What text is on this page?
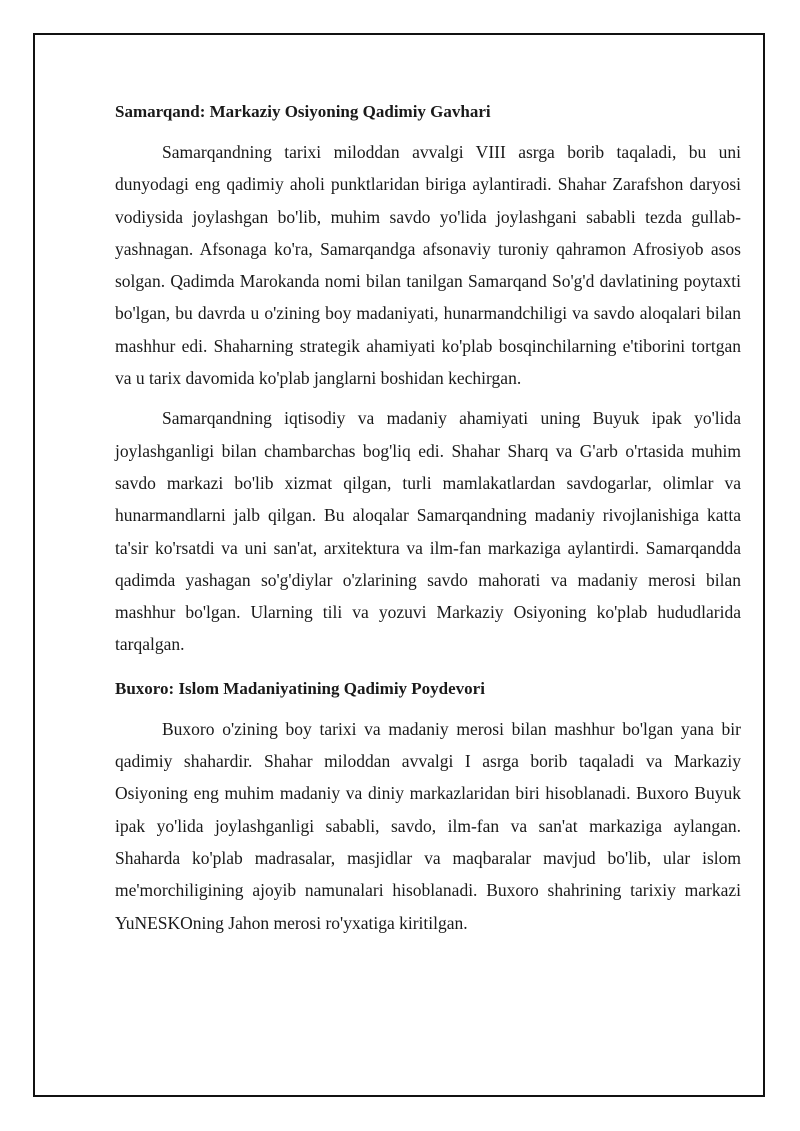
Samarqand: Markaziy Osiyoning Qadimiy Gavhari

Samarqandning tarixi miloddan avvalgi VIII asrga borib taqaladi, bu uni dunyodagi eng qadimiy aholi punktlaridan biriga aylantiradi. Shahar Zarafshon daryosi vodiysida joylashgan bo'lib, muhim savdo yo'lida joylashgani sababli tezda gullab-yashnagan. Afsonaga ko'ra, Samarqandga afsonaviy turoniy qahramon Afrosiyob asos solgan. Qadimda Marokanda nomi bilan tanilgan Samarqand So'g'd davlatining poytaxti bo'lgan, bu davrda u o'zining boy madaniyati, hunarmandchiligi va savdo aloqalari bilan mashhur edi. Shaharning strategik ahamiyati ko'plab bosqinchilarning e'tiborini tortgan va u tarix davomida ko'plab janglarni boshidan kechirgan.

Samarqandning iqtisodiy va madaniy ahamiyati uning Buyuk ipak yo'lida joylashganligi bilan chambarchas bog'liq edi. Shahar Sharq va G'arb o'rtasida muhim savdo markazi bo'lib xizmat qilgan, turli mamlakatlardan savdogarlar, olimlar va hunarmandlarni jalb qilgan. Bu aloqalar Samarqandning madaniy rivojlanishiga katta ta'sir ko'rsatdi va uni san'at, arxitektura va ilm-fan markaziga aylantirdi. Samarqandda qadimda yashagan so'g'diylar o'zlarining savdo mahorati va madaniy merosi bilan mashhur bo'lgan. Ularning tili va yozuvi Markaziy Osiyoning ko'plab hududlarida tarqalgan.

Buxoro: Islom Madaniyatining Qadimiy Poydevori

Buxoro o'zining boy tarixi va madaniy merosi bilan mashhur bo'lgan yana bir qadimiy shahardir. Shahar miloddan avvalgi I asrga borib taqaladi va Markaziy Osiyoning eng muhim madaniy va diniy markazlaridan biri hisoblanadi. Buxoro Buyuk ipak yo'lida joylashganligi sababli, savdo, ilm-fan va san'at markaziga aylangan. Shaharda ko'plab madrasalar, masjidlar va maqbaralar mavjud bo'lib, ular islom me'morchiligining ajoyib namunalari hisoblanadi. Buxoro shahrining tarixiy markazi YuNESKOning Jahon merosi ro'yxatiga kiritilgan.
